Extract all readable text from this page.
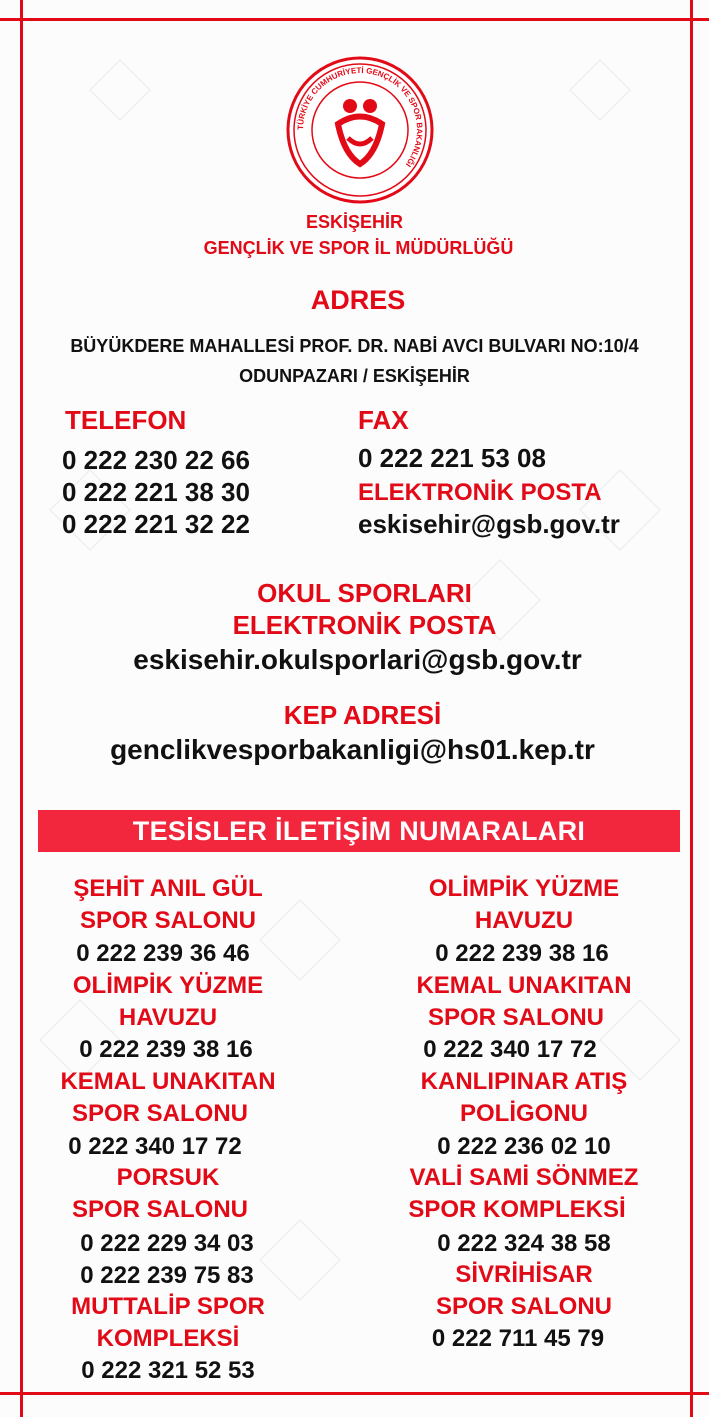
TÜRKİYE CUMHURİYETİ GENÇLİK VE SPOR BAKANLIĞI
ESKİŞEHİR
GENÇLİK VE SPOR İL MÜDÜRLÜĞÜ
ADRES
BÜYÜKDERE MAHALLESİ PROF. DR. NABİ AVCI BULVARI NO:10/4
ODUNPAZARI / ESKİŞEHİR
TELEFON
0 222 230 22 66
0 222 221 38 30
0 222 221 32 22
FAX
0 222 221 53 08
ELEKTRONİK POSTA
eskisehir@gsb.gov.tr
OKUL SPORLARI
ELEKTRONİK POSTA
eskisehir.okulsporlari@gsb.gov.tr
KEP ADRESİ
genclikvesporbakanligi@hs01.kep.tr
TESİSLER İLETİŞİM NUMARALARI
ŞEHİT ANIL GÜL
SPOR SALONU
0 222 239 36 46
OLİMPİK YÜZME
HAVUZU
0 222 239 38 16
KEMAL UNAKITAN
SPOR SALONU
0 222 340 17 72
PORSUK
SPOR SALONU
0 222 229 34 03
0 222 239 75 83
MUTTALİP SPOR
KOMPLEKSİ
0 222 321 52 53
OLİMPİK YÜZME
HAVUZU
0 222 239 38 16
KEMAL UNAKITAN
SPOR SALONU
0 222 340 17 72
KANLIPINAR ATIŞ
POLİGONU
0 222 236 02 10
VALİ SAMİ SÖNMEZ
SPOR KOMPLEKSİ
0 222 324 38 58
SİVRİHİSAR
SPOR SALONU
0 222 711 45 79
